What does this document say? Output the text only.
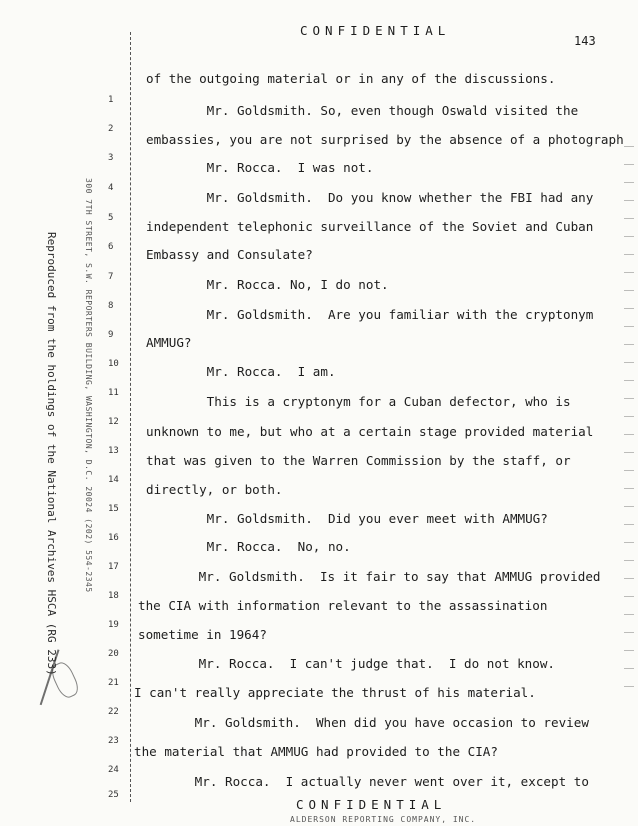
CONFIDENTIAL
143
Reproduced from the holdings of the National Archives HSCA (RG 233)	300 7TH STREET, S.W. REPORTERS BUILDING, WASHINGTON, D.C. 20024 (202) 554-2345
1
2
3
4
5
6
7
8
9
10
11
12
13
14
15
16
17
18
19
20
21
22
23
24
25
of the outgoing material or in any of the discussions.
Mr. Goldsmith. So, even though Oswald visited the
embassies, you are not surprised by the absence of a photograph
Mr. Rocca.  I was not.
Mr. Goldsmith.  Do you know whether the FBI had any
independent telephonic surveillance of the Soviet and Cuban
Embassy and Consulate?
Mr. Rocca. No, I do not.
Mr. Goldsmith.  Are you familiar with the cryptonym
AMMUG?
Mr. Rocca.  I am.
This is a cryptonym for a Cuban defector, who is
unknown to me, but who at a certain stage provided material
that was given to the Warren Commission by the staff, or
directly, or both.
Mr. Goldsmith.  Did you ever meet with AMMUG?
Mr. Rocca.  No, no.
Mr. Goldsmith.  Is it fair to say that AMMUG provided
the CIA with information relevant to the assassination
sometime in 1964?
Mr. Rocca.  I can't judge that.  I do not know.
I can't really appreciate the thrust of his material.
Mr. Goldsmith.  When did you have occasion to review
the material that AMMUG had provided to the CIA?
Mr. Rocca.  I actually never went over it, except to
CONFIDENTIAL
ALDERSON REPORTING COMPANY, INC.
